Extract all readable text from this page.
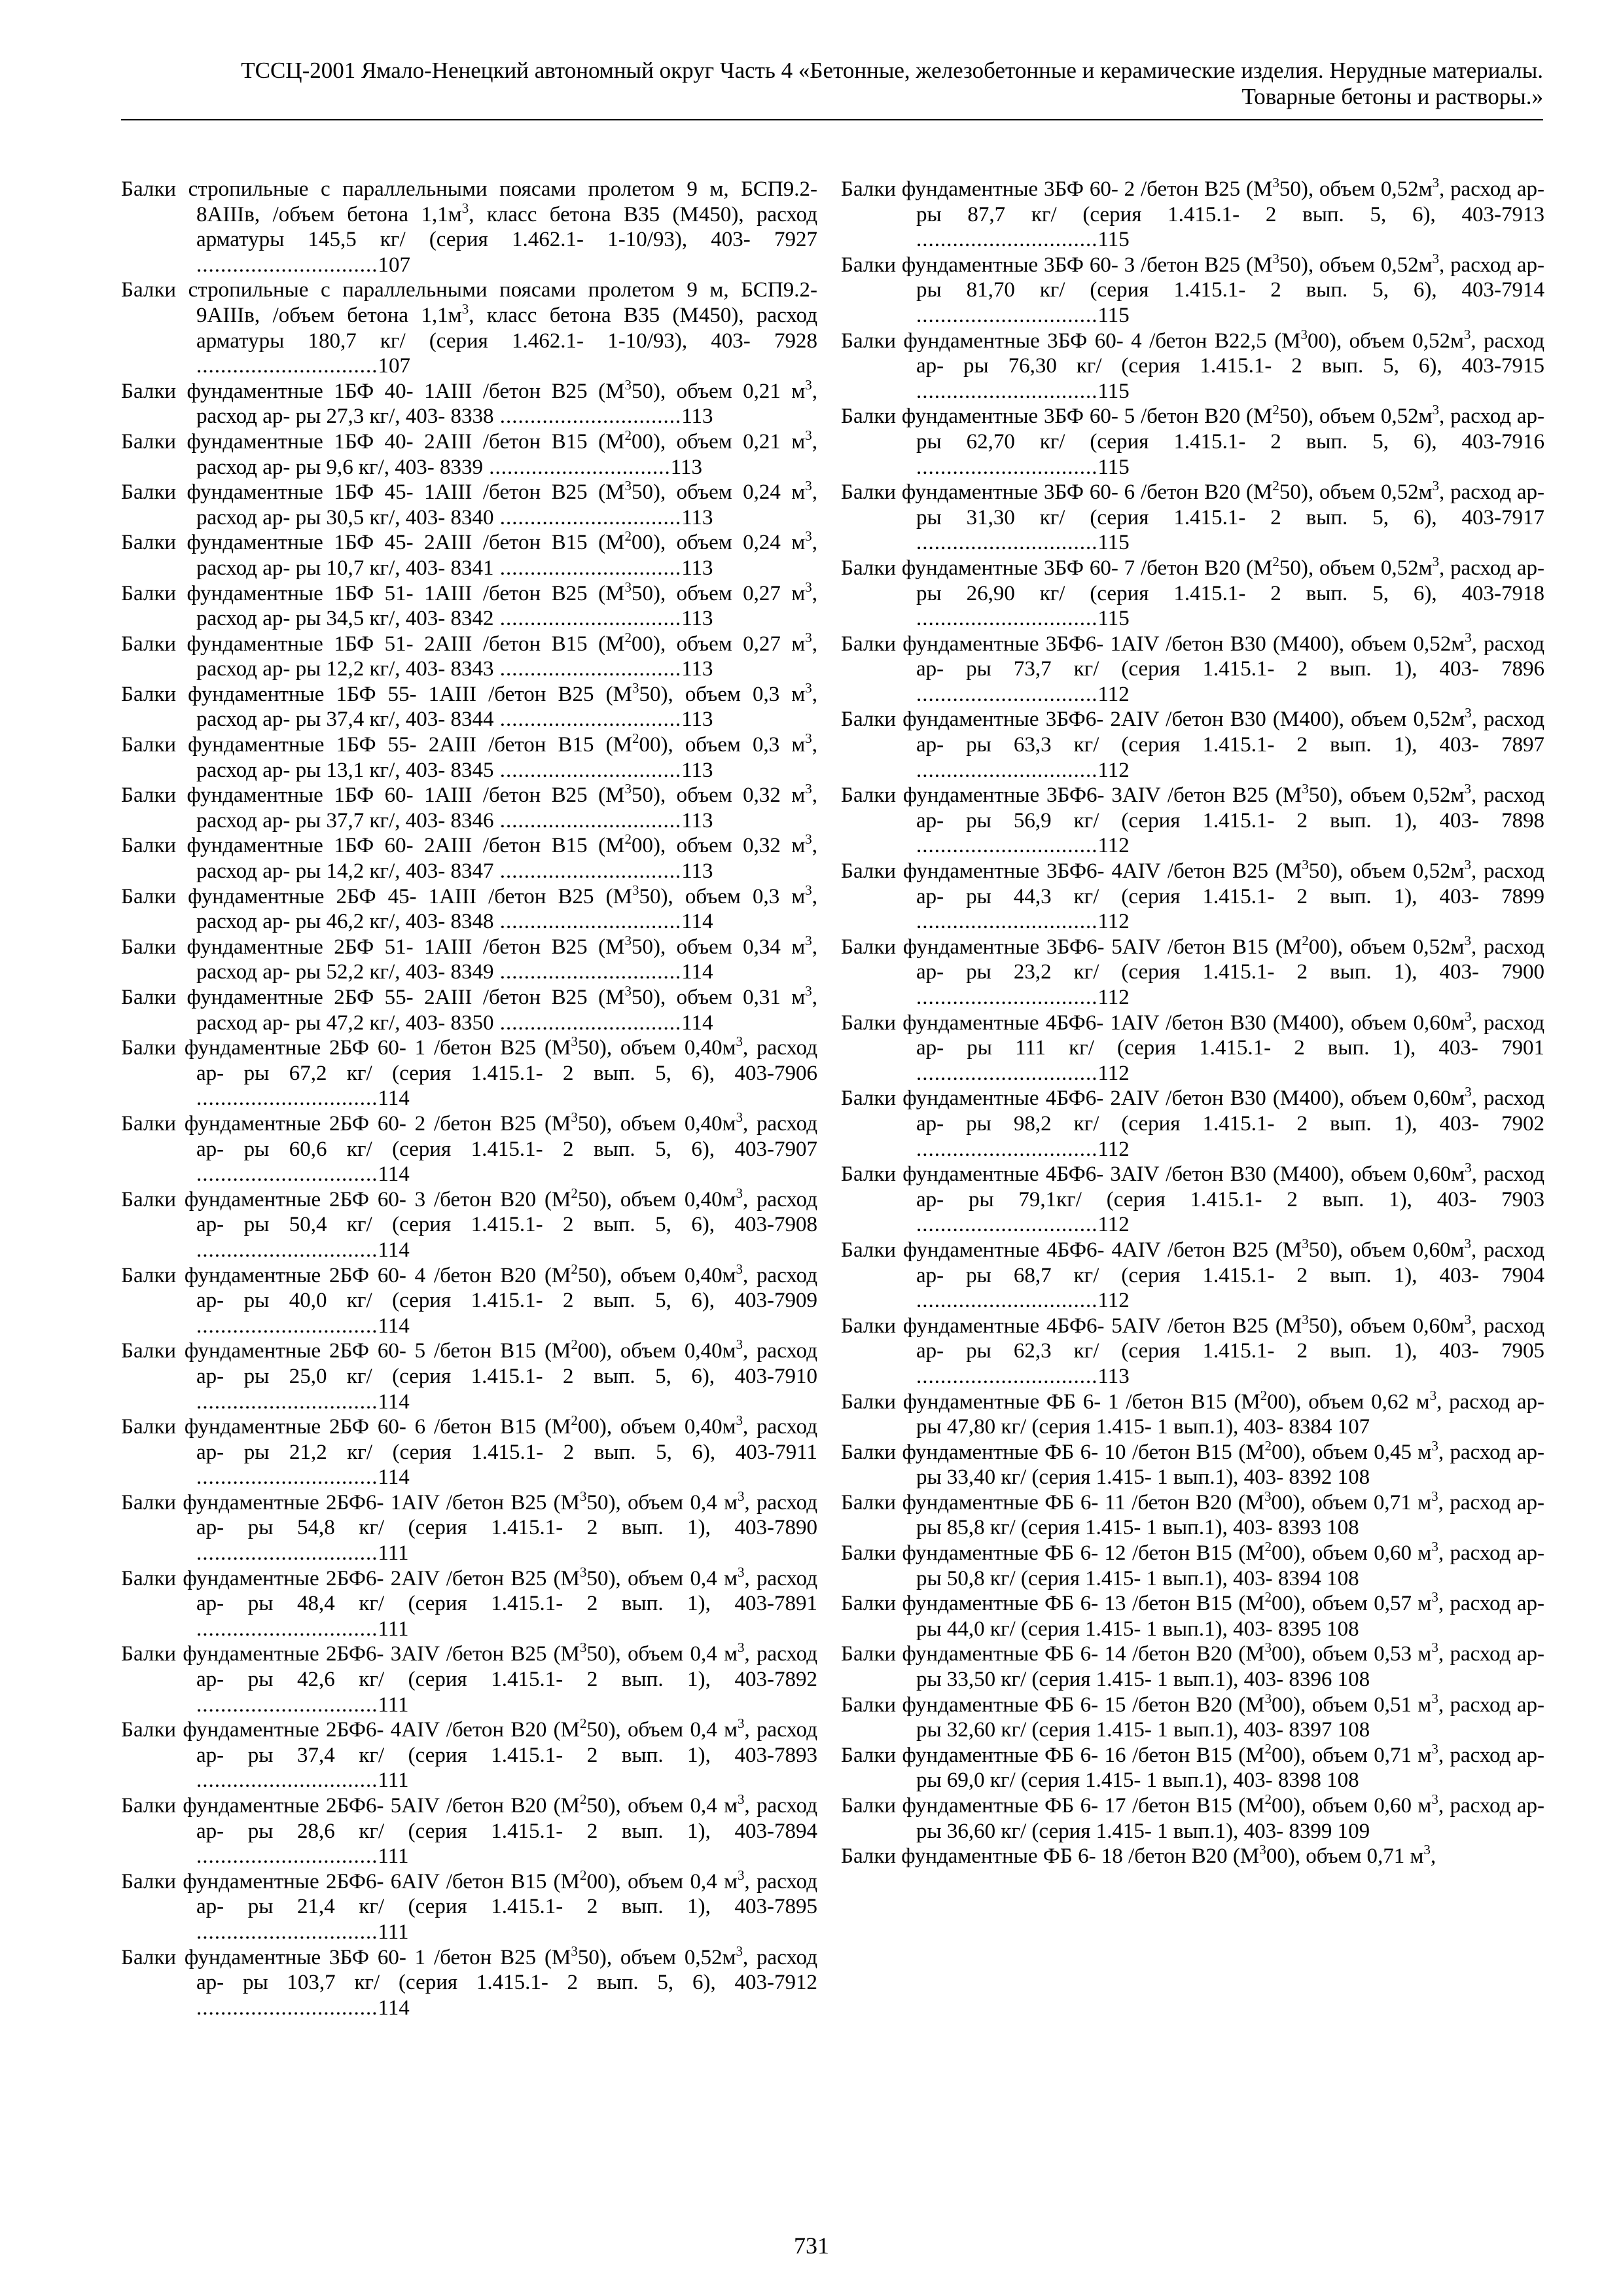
ТССЦ-2001 Ямало-Ненецкий автономный округ Часть 4 «Бетонные, железобетонные и керамические изделия. Нерудные материалы.
Товарные бетоны и растворы.»
Балки стропильные с параллельными поясами пролетом 9 м, БСП9.2- 8АIIIв, /объем бетона $1,1м^3$, класс бетона В35 (М450), расход арматуры 145,5 кг/ (серия 1.462.1- 1-10/93), 403- 7927 ..............................107
Балки стропильные с параллельными поясами пролетом 9 м, БСП9.2- 9АIIIв, /объем бетона $1,1м^3$, класс бетона В35 (М450), расход арматуры 180,7 кг/ (серия 1.462.1- 1-10/93), 403- 7928 ..............................107
Балки фундаментные 1БФ 40- 1АIII /бетон В25 $(М^350)$, объем 0,21 $м^3$, расход ар- ры 27,3 кг/, 403- 8338 ..............................113
Балки фундаментные 1БФ 40- 2АIII /бетон В15 $(М^200)$, объем 0,21 $м^3$, расход ар- ры 9,6 кг/, 403- 8339 ..............................113
Балки фундаментные 1БФ 45- 1АIII /бетон В25 $(М^350)$, объем 0,24 $м^3$, расход ар- ры 30,5 кг/, 403- 8340 ..............................113
Балки фундаментные 1БФ 45- 2АIII /бетон В15 $(М^200)$, объем 0,24 $м^3$, расход ар- ры 10,7 кг/, 403- 8341 ..............................113
Балки фундаментные 1БФ 51- 1АIII /бетон В25 $(М^350)$, объем 0,27 $м^3$, расход ар- ры 34,5 кг/, 403- 8342 ..............................113
Балки фундаментные 1БФ 51- 2АIII /бетон В15 $(М^200)$, объем 0,27 $м^3$, расход ар- ры 12,2 кг/, 403- 8343 ..............................113
Балки фундаментные 1БФ 55- 1АIII /бетон В25 $(М^350)$, объем 0,3 $м^3$, расход ар- ры 37,4 кг/, 403- 8344 ..............................113
Балки фундаментные 1БФ 55- 2АIII /бетон В15 $(М^200)$, объем 0,3 $м^3$, расход ар- ры 13,1 кг/, 403- 8345 ..............................113
Балки фундаментные 1БФ 60- 1АIII /бетон В25 $(М^350)$, объем 0,32 $м^3$, расход ар- ры 37,7 кг/, 403- 8346 ..............................113
Балки фундаментные 1БФ 60- 2АIII /бетон В15 $(М^200)$, объем 0,32 $м^3$, расход ар- ры 14,2 кг/, 403- 8347 ..............................113
Балки фундаментные 2БФ 45- 1АIII /бетон В25 $(М^350)$, объем 0,3 $м^3$, расход ар- ры 46,2 кг/, 403- 8348 ..............................114
Балки фундаментные 2БФ 51- 1АIII /бетон В25 $(М^350)$, объем 0,34 $м^3$, расход ар- ры 52,2 кг/, 403- 8349 ..............................114
Балки фундаментные 2БФ 55- 2АIII /бетон В25 $(М^350)$, объем 0,31 $м^3$, расход ар- ры 47,2 кг/, 403- 8350 ..............................114
Балки фундаментные 2БФ 60- 1 /бетон В25 $(М^350)$, объем $0,40м^3$, расход ар- ры 67,2 кг/ (серия 1.415.1- 2 вып. 5, 6), 403-7906 ..............................114
Балки фундаментные 2БФ 60- 2 /бетон В25 $(М^350)$, объем $0,40м^3$, расход ар- ры 60,6 кг/ (серия 1.415.1- 2 вып. 5, 6), 403-7907 ..............................114
Балки фундаментные 2БФ 60- 3 /бетон В20 $(М^250)$, объем $0,40м^3$, расход ар- ры 50,4 кг/ (серия 1.415.1- 2 вып. 5, 6), 403-7908 ..............................114
Балки фундаментные 2БФ 60- 4 /бетон В20 $(М^250)$, объем $0,40м^3$, расход ар- ры 40,0 кг/ (серия 1.415.1- 2 вып. 5, 6), 403-7909 ..............................114
Балки фундаментные 2БФ 60- 5 /бетон В15 $(М^200)$, объем $0,40м^3$, расход ар- ры 25,0 кг/ (серия 1.415.1- 2 вып. 5, 6), 403-7910 ..............................114
Балки фундаментные 2БФ 60- 6 /бетон В15 $(М^200)$, объем $0,40м^3$, расход ар- ры 21,2 кг/ (серия 1.415.1- 2 вып. 5, 6), 403-7911 ..............................114
Балки фундаментные 2БФ6- 1АIV /бетон В25 $(М^350)$, объем 0,4 $м^3$, расход ар- ры 54,8 кг/ (серия 1.415.1- 2 вып. 1), 403-7890 ..............................111
Балки фундаментные 2БФ6- 2АIV /бетон В25 $(М^350)$, объем 0,4 $м^3$, расход ар- ры 48,4 кг/ (серия 1.415.1- 2 вып. 1), 403-7891 ..............................111
Балки фундаментные 2БФ6- 3АIV /бетон В25 $(М^350)$, объем 0,4 $м^3$, расход ар- ры 42,6 кг/ (серия 1.415.1- 2 вып. 1), 403-7892 ..............................111
Балки фундаментные 2БФ6- 4АIV /бетон В20 $(М^250)$, объем 0,4 $м^3$, расход ар- ры 37,4 кг/ (серия 1.415.1- 2 вып. 1), 403-7893 ..............................111
Балки фундаментные 2БФ6- 5АIV /бетон В20 $(М^250)$, объем 0,4 $м^3$, расход ар- ры 28,6 кг/ (серия 1.415.1- 2 вып. 1), 403-7894 ..............................111
Балки фундаментные 2БФ6- 6АIV /бетон В15 $(М^200)$, объем 0,4 $м^3$, расход ар- ры 21,4 кг/ (серия 1.415.1- 2 вып. 1), 403-7895 ..............................111
Балки фундаментные 3БФ 60- 1 /бетон В25 $(М^350)$, объем $0,52м^3$, расход ар- ры 103,7 кг/ (серия 1.415.1- 2 вып. 5, 6), 403-7912 ..............................114
Балки фундаментные 3БФ 60- 2 /бетон В25 $(М^350)$, объем $0,52м^3$, расход ар- ры 87,7 кг/ (серия 1.415.1- 2 вып. 5, 6), 403-7913 ..............................115
Балки фундаментные 3БФ 60- 3 /бетон В25 $(М^350)$, объем $0,52м^3$, расход ар- ры 81,70 кг/ (серия 1.415.1- 2 вып. 5, 6), 403-7914 ..............................115
Балки фундаментные 3БФ 60- 4 /бетон В22,5 $(М^300)$, объем $0,52м^3$, расход ар- ры 76,30 кг/ (серия 1.415.1- 2 вып. 5, 6), 403-7915 ..............................115
Балки фундаментные 3БФ 60- 5 /бетон В20 $(М^250)$, объем $0,52м^3$, расход ар- ры 62,70 кг/ (серия 1.415.1- 2 вып. 5, 6), 403-7916 ..............................115
Балки фундаментные 3БФ 60- 6 /бетон В20 $(М^250)$, объем $0,52м^3$, расход ар- ры 31,30 кг/ (серия 1.415.1- 2 вып. 5, 6), 403-7917 ..............................115
Балки фундаментные 3БФ 60- 7 /бетон В20 $(М^250)$, объем $0,52м^3$, расход ар- ры 26,90 кг/ (серия 1.415.1- 2 вып. 5, 6), 403-7918 ..............................115
Балки фундаментные 3БФ6- 1АIV /бетон В30 (М400), объем $0,52м^3$, расход ар- ры 73,7 кг/ (серия 1.415.1- 2 вып. 1), 403- 7896 ..............................112
Балки фундаментные 3БФ6- 2АIV /бетон В30 (М400), объем $0,52м^3$, расход ар- ры 63,3 кг/ (серия 1.415.1- 2 вып. 1), 403- 7897 ..............................112
Балки фундаментные 3БФ6- 3АIV /бетон В25 $(М^350)$, объем $0,52м^3$, расход ар- ры 56,9 кг/ (серия 1.415.1- 2 вып. 1), 403- 7898 ..............................112
Балки фундаментные 3БФ6- 4АIV /бетон В25 $(М^350)$, объем $0,52м^3$, расход ар- ры 44,3 кг/ (серия 1.415.1- 2 вып. 1), 403- 7899 ..............................112
Балки фундаментные 3БФ6- 5АIV /бетон В15 $(М^200)$, объем $0,52м^3$, расход ар- ры 23,2 кг/ (серия 1.415.1- 2 вып. 1), 403- 7900 ..............................112
Балки фундаментные 4БФ6- 1АIV /бетон В30 (М400), объем $0,60м^3$, расход ар- ры 111 кг/ (серия 1.415.1- 2 вып. 1), 403- 7901 ..............................112
Балки фундаментные 4БФ6- 2АIV /бетон В30 (М400), объем $0,60м^3$, расход ар- ры 98,2 кг/ (серия 1.415.1- 2 вып. 1), 403- 7902 ..............................112
Балки фундаментные 4БФ6- 3АIV /бетон В30 (М400), объем $0,60м^3$, расход ар- ры 79,1кг/ (серия 1.415.1- 2 вып. 1), 403- 7903 ..............................112
Балки фундаментные 4БФ6- 4АIV /бетон В25 $(М^350)$, объем $0,60м^3$, расход ар- ры 68,7 кг/ (серия 1.415.1- 2 вып. 1), 403- 7904 ..............................112
Балки фундаментные 4БФ6- 5АIV /бетон В25 $(М^350)$, объем $0,60м^3$, расход ар- ры 62,3 кг/ (серия 1.415.1- 2 вып. 1), 403- 7905 ..............................113
Балки фундаментные ФБ 6- 1 /бетон В15 $(М^200)$, объем 0,62 $м^3$, расход ар- ры 47,80 кг/ (серия 1.415- 1 вып.1), 403- 8384 107
Балки фундаментные ФБ 6- 10 /бетон В15 $(М^200)$, объем 0,45 $м^3$, расход ар- ры 33,40 кг/ (серия 1.415- 1 вып.1), 403- 8392 108
Балки фундаментные ФБ 6- 11 /бетон В20 $(М^300)$, объем 0,71 $м^3$, расход ар- ры 85,8 кг/ (серия 1.415- 1 вып.1), 403- 8393 108
Балки фундаментные ФБ 6- 12 /бетон В15 $(М^200)$, объем 0,60 $м^3$, расход ар- ры 50,8 кг/ (серия 1.415- 1 вып.1), 403- 8394 108
Балки фундаментные ФБ 6- 13 /бетон В15 $(М^200)$, объем 0,57 $м^3$, расход ар- ры 44,0 кг/ (серия 1.415- 1 вып.1), 403- 8395 108
Балки фундаментные ФБ 6- 14 /бетон В20 $(М^300)$, объем 0,53 $м^3$, расход ар- ры 33,50 кг/ (серия 1.415- 1 вып.1), 403- 8396 108
Балки фундаментные ФБ 6- 15 /бетон В20 $(М^300)$, объем 0,51 $м^3$, расход ар- ры 32,60 кг/ (серия 1.415- 1 вып.1), 403- 8397 108
Балки фундаментные ФБ 6- 16 /бетон В15 $(М^200)$, объем 0,71 $м^3$, расход ар- ры 69,0 кг/ (серия 1.415- 1 вып.1), 403- 8398 108
Балки фундаментные ФБ 6- 17 /бетон В15 $(М^200)$, объем 0,60 $м^3$, расход ар- ры 36,60 кг/ (серия 1.415- 1 вып.1), 403- 8399 109
Балки фундаментные ФБ 6- 18 /бетон В20 $(М^300)$, объем 0,71 $м^3$,
731
